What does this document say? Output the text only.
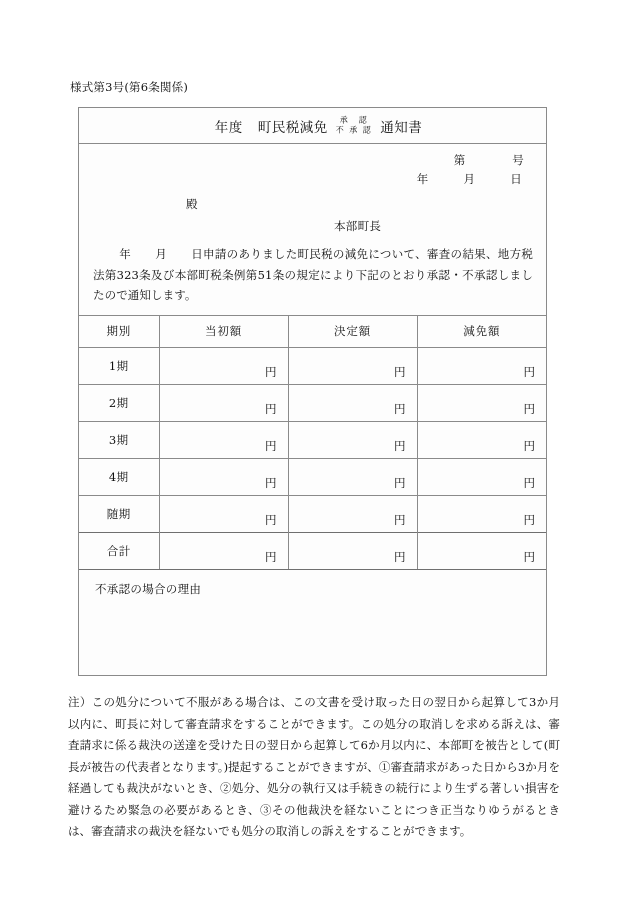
様式第3号(第6条関係)
年度 町民税減免 承　認
不 承 認 通知書
第　　　　号
年　　　月　　　日
殿
本部町長
年 月 日申請のありました町民税の減免について、審査の結果、地方税法第323条及び本部町税条例第51条の規定により下記のとおり承認・不承認しましたので通知します。
期別	当初額	決定額	減免額
1期	円	円	円
2期	円	円	円
3期	円	円	円
4期	円	円	円
随期	円	円	円
合計	円	円	円
不承認の場合の理由
注）この処分について不服がある場合は、この文書を受け取った日の翌日から起算して3か月以内に、町長に対して審査請求をすることができます。この処分の取消しを求める訴えは、審査請求に係る裁決の送達を受けた日の翌日から起算して6か月以内に、本部町を被告として(町長が被告の代表者となります。)提起することができますが、①審査請求があった日から3か月を経過しても裁決がないとき、②処分、処分の執行又は手続きの続行により生ずる著しい損害を避けるため緊急の必要があるとき、③その他裁決を経ないことにつき正当なりゆうがるときは、審査請求の裁決を経ないでも処分の取消しの訴えをすることができます。
